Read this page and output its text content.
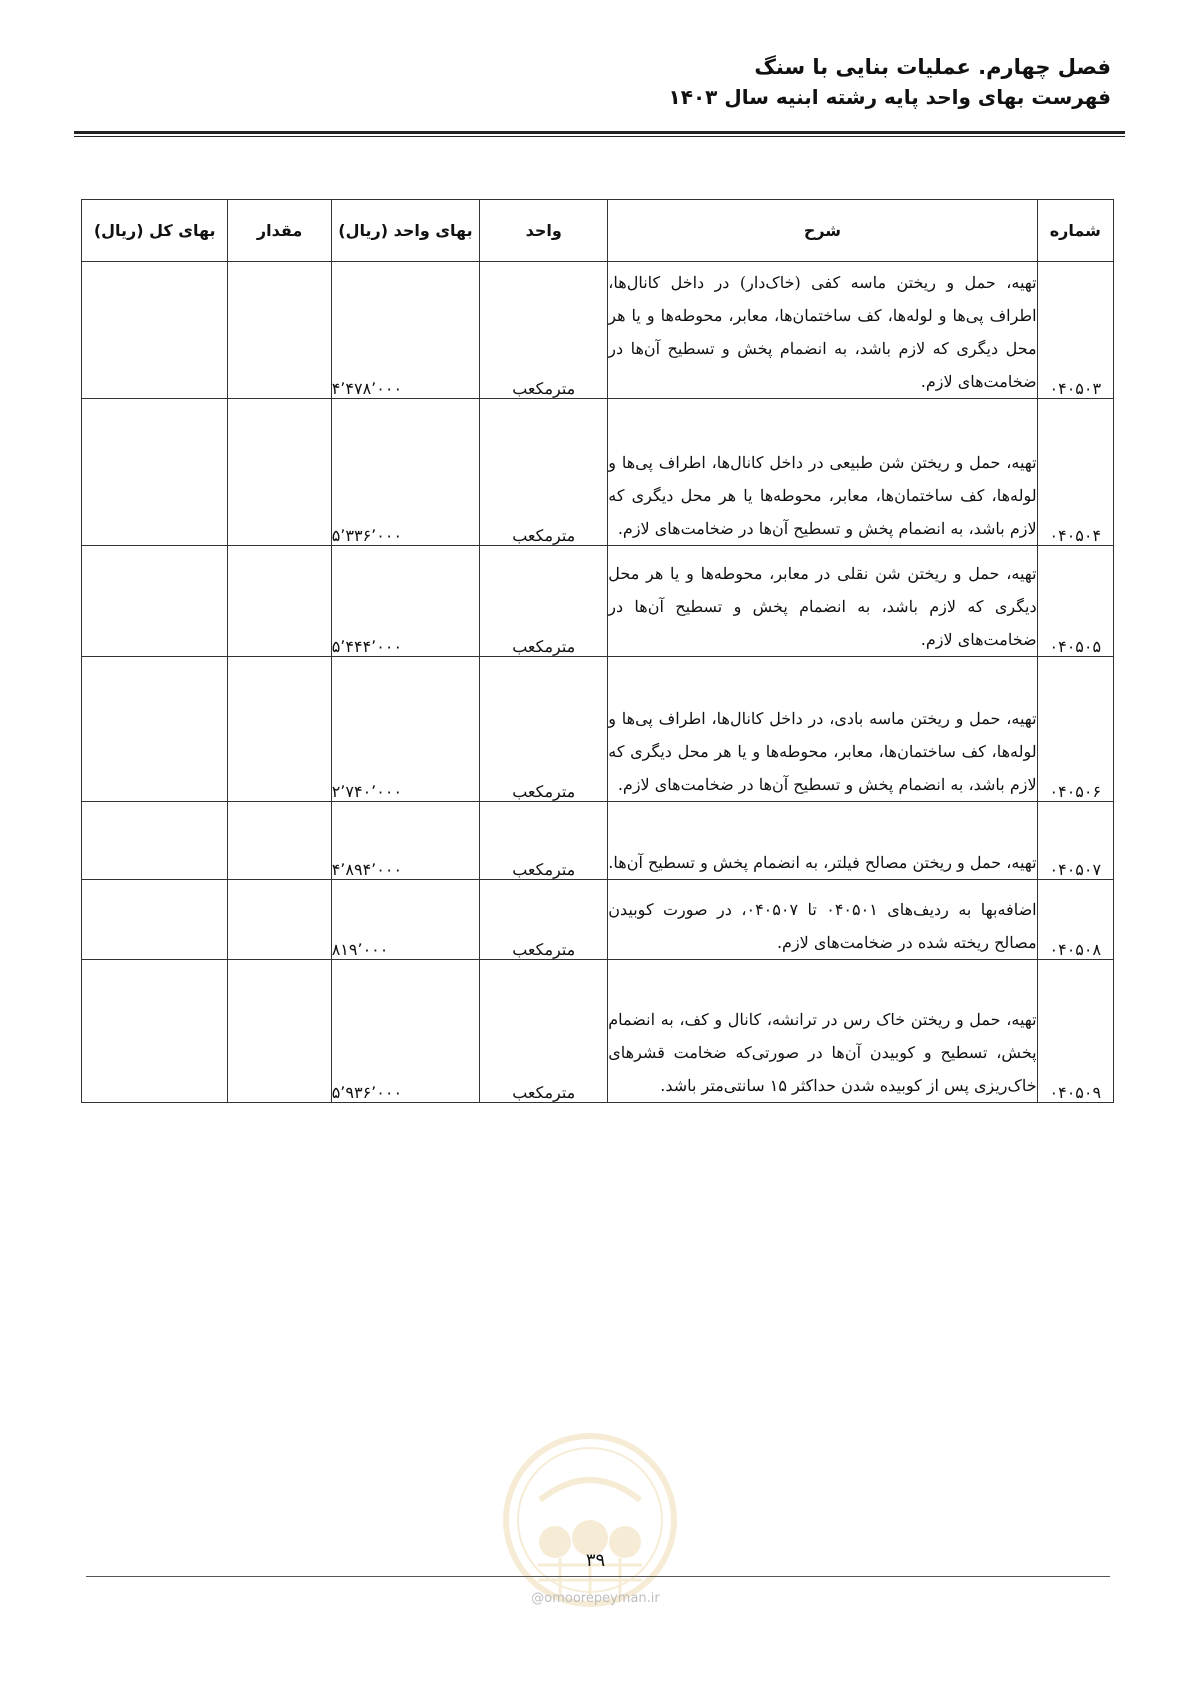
فصل چهارم. عملیات بنایی با سنگ
فهرست بهای واحد پایه رشته ابنیه سال ۱۴۰۳
شماره	شرح	واحد	بهای واحد (ریال)	مقدار	بهای کل (ریال)
۰۴۰۵۰۳	تهیه، حمل و ریختن ماسه کفی (خاک‌دار) در داخل کانال‌ها، اطراف پی‌ها و لوله‌ها، کف ساختمان‌ها، معابر، محوطه‌ها و یا هر محل دیگری که لازم باشد، به انضمام پخش و تسطیح آن‌ها در ضخامت‌های لازم.	مترمکعب	۴٬۴۷۸٬۰۰۰		
۰۴۰۵۰۴	تهیه، حمل و ریختن شن طبیعی در داخل کانال‌ها، اطراف پی‌ها و لوله‌ها، کف ساختمان‌ها، معابر، محوطه‌ها یا هر محل دیگری که لازم باشد، به انضمام پخش و تسطیح آن‌ها در ضخامت‌های لازم.	مترمکعب	۵٬۳۳۶٬۰۰۰		
۰۴۰۵۰۵	تهیه، حمل و ریختن شن نقلی در معابر، محوطه‌ها و یا هر محل دیگری که لازم باشد، به انضمام پخش و تسطیح آن‌ها در ضخامت‌های لازم.	مترمکعب	۵٬۴۴۴٬۰۰۰		
۰۴۰۵۰۶	تهیه، حمل و ریختن ماسه بادی، در داخل کانال‌ها، اطراف پی‌ها و لوله‌ها، کف ساختمان‌ها، معابر، محوطه‌ها و یا هر محل دیگری که لازم باشد، به انضمام پخش و تسطیح آن‌ها در ضخامت‌های لازم.	مترمکعب	۲٬۷۴۰٬۰۰۰		
۰۴۰۵۰۷	تهیه، حمل و ریختن مصالح فیلتر، به انضمام پخش و تسطیح آن‌ها.	مترمکعب	۴٬۸۹۴٬۰۰۰		
۰۴۰۵۰۸	اضافه‌بها به ردیف‌های ۰۴۰۵۰۱ تا ۰۴۰۵۰۷، در صورت کوبیدن مصالح ریخته شده در ضخامت‌های لازم.	مترمکعب	۸۱۹٬۰۰۰		
۰۴۰۵۰۹	تهیه، حمل و ریختن خاک رس در ترانشه، کانال و کف، به انضمام پخش، تسطیح و کوبیدن آن‌ها در صورتی‌که ضخامت قشرهای خاک‌ریزی پس از کوبیده شدن حداکثر ۱۵ سانتی‌متر باشد.	مترمکعب	۵٬۹۳۶٬۰۰۰		
۳۹
@omoorepeyman.ir
